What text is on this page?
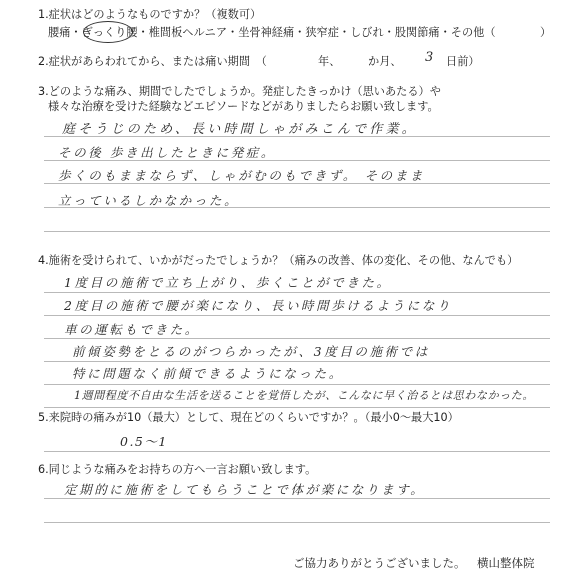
1.症状はどのようなものですか？（複数可）
腰痛・ぎっくり腰・椎間板ヘルニア・坐骨神経痛・狭窄症・しびれ・股関節痛・その他（	）
2.症状があらわれてから、または痛い期間　（	年、 か月、 3 日前）
3.どのような痛み、期間でしたでしょうか。発症したきっかけ（思いあたる）や
様々な治療を受けた経験などエピソードなどがありましたらお願い致します。
庭そうじのため、長い時間しゃがみこんで作業。
その後 歩き出したときに発症。
歩くのもままならず、しゃがむのもできず。 そのまま
立っているしかなかった。
4.施術を受けられて、いかがだったでしょうか？（痛みの改善、体の変化、その他、なんでも）
1度目の施術で立ち上がり、歩くことができた。
2度目の施術で腰が楽になり、長い時間歩けるようになり
車の運転もできた。
前傾姿勢をとるのがつらかったが、3度目の施術では
特に問題なく前傾できるようになった。
1週間程度不自由な生活を送ることを覚悟したが、こんなに早く治るとは思わなかった。
5.来院時の痛みが10（最大）として、現在どのくらいですか？。（最小0〜最大10）
0.5〜1
6.同じような痛みをお持ちの方へ一言お願い致します。
定期的に施術をしてもらうことで体が楽になります。
ご協力ありがとうございました。 横山整体院
